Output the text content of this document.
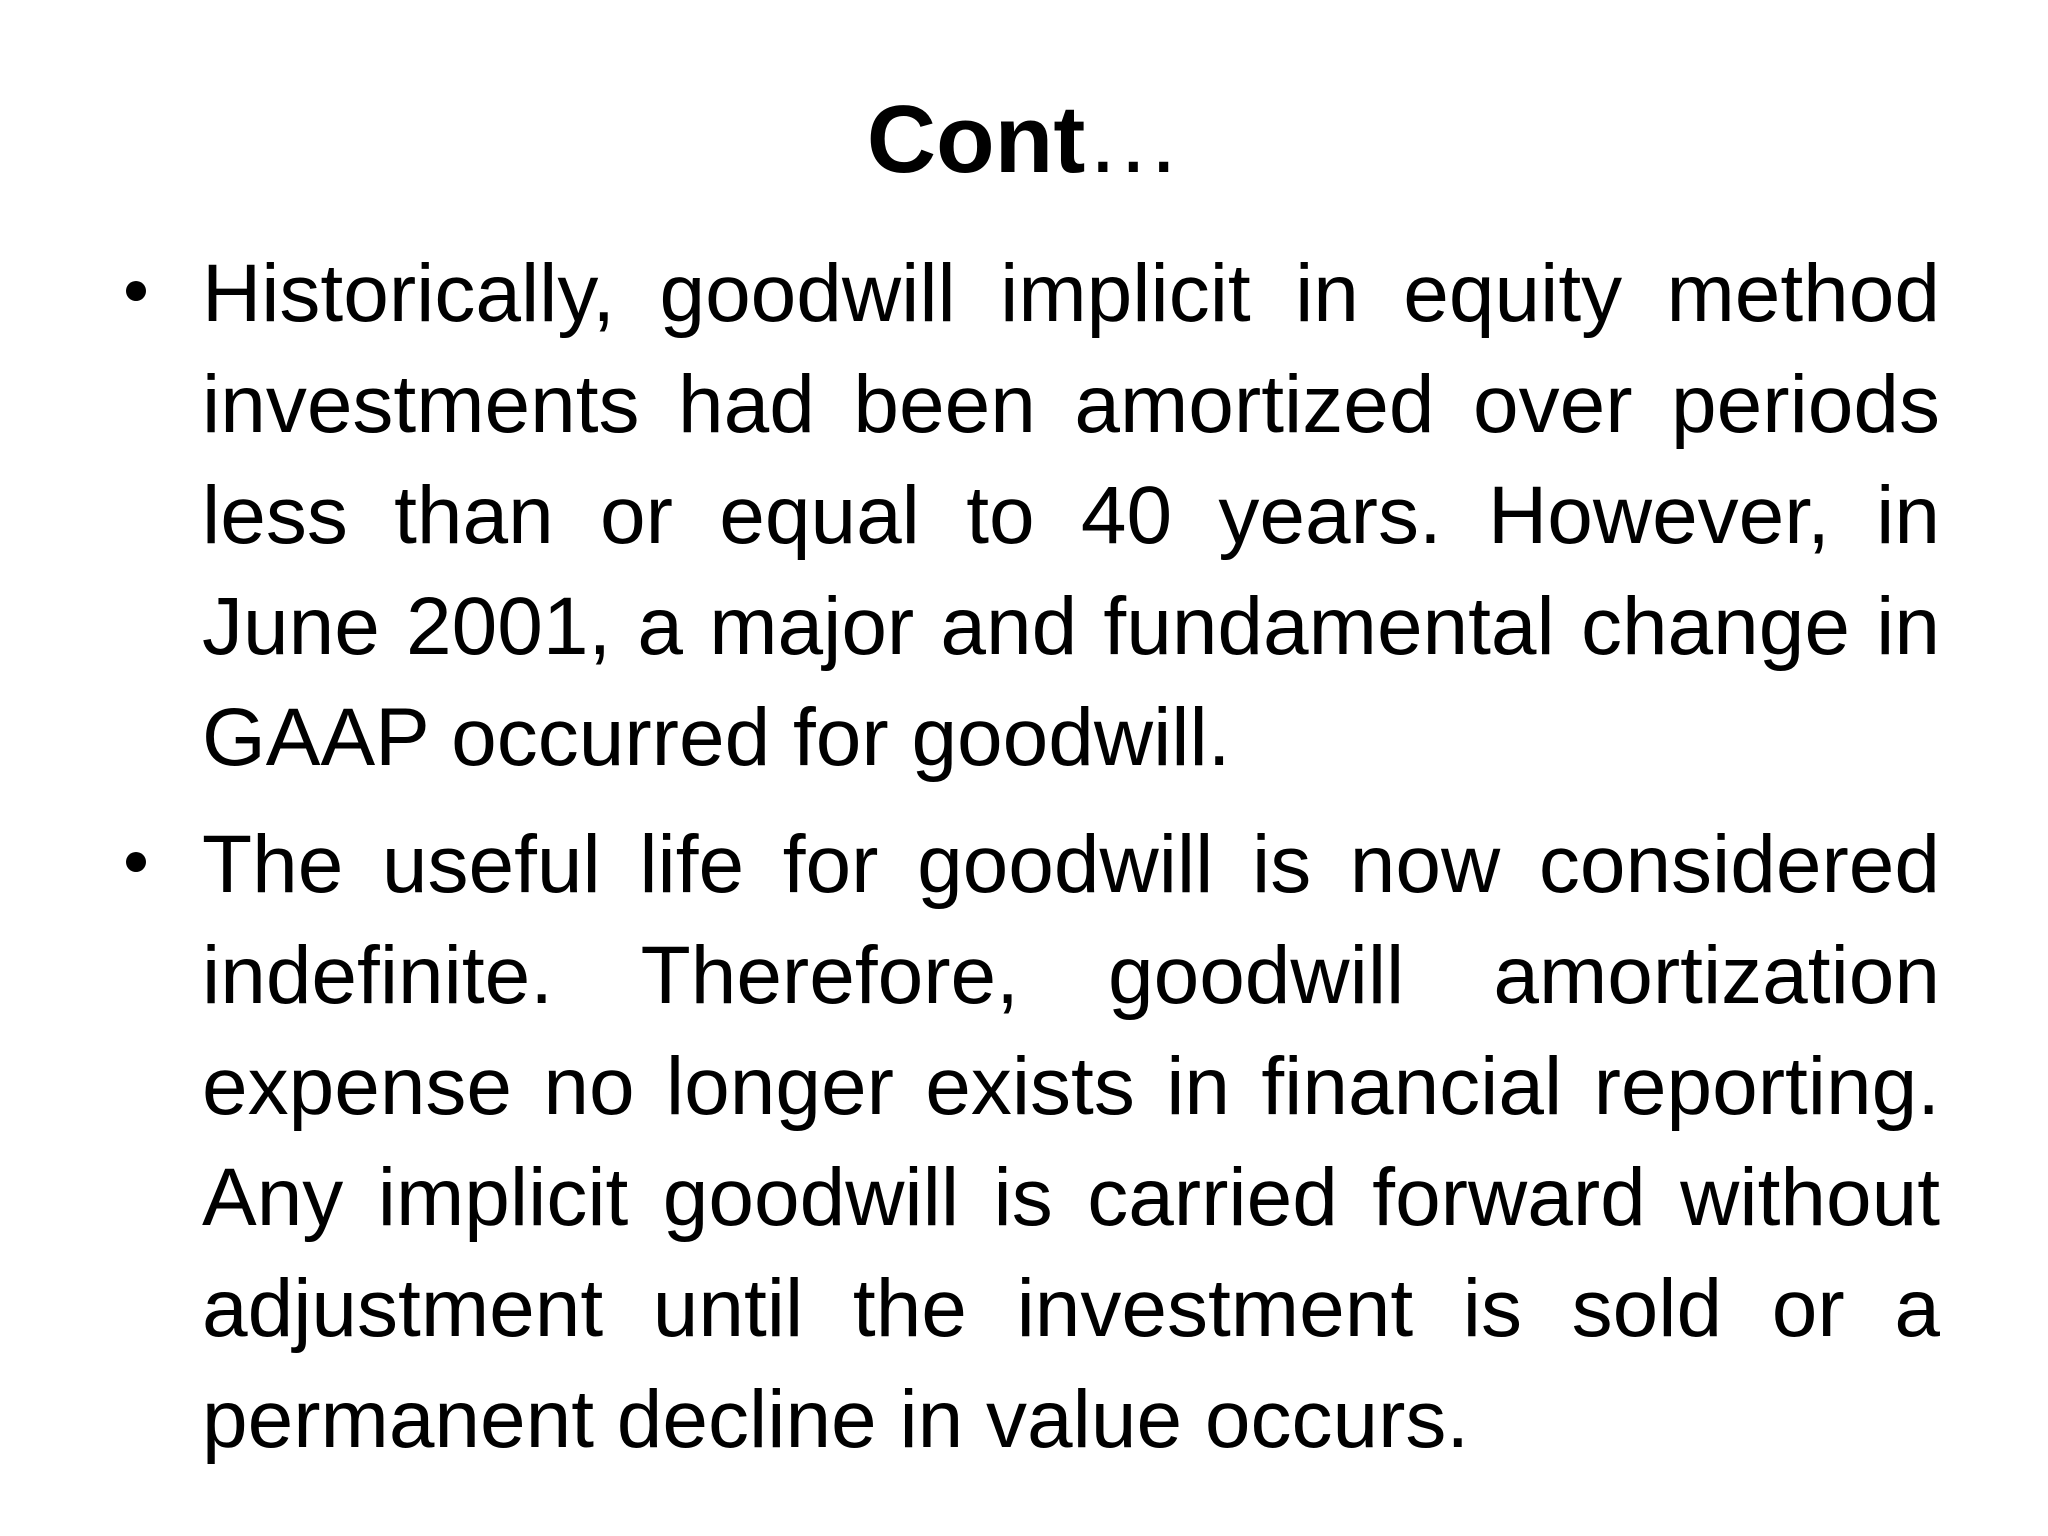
Cont…
Historically, goodwill implicit in equity method investments had been amortized over periods less than or equal to 40 years. However, in June 2001, a major and fundamental change in GAAP occurred for goodwill.
The useful life for goodwill is now considered indefinite. Therefore, goodwill amortization expense no longer exists in financial reporting. Any implicit goodwill is carried forward without adjustment until the investment is sold or a permanent decline in value occurs.
